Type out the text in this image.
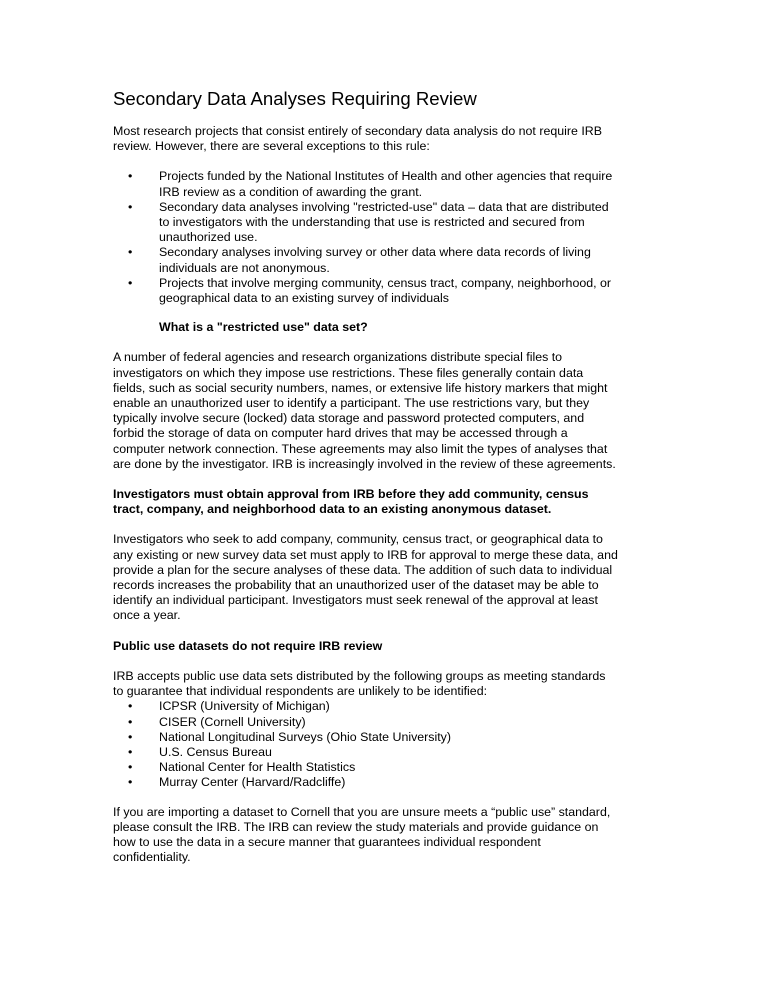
Secondary Data Analyses Requiring Review

Most research projects that consist entirely of secondary data analysis do not require IRB review. However, there are several exceptions to this rule:

• Projects funded by the National Institutes of Health and other agencies that require IRB review as a condition of awarding the grant.
• Secondary data analyses involving "restricted-use" data – data that are distributed to investigators with the understanding that use is restricted and secured from unauthorized use.
• Secondary analyses involving survey or other data where data records of living individuals are not anonymous.
• Projects that involve merging community, census tract, company, neighborhood, or geographical data to an existing survey of individuals

What is a "restricted use" data set?

A number of federal agencies and research organizations distribute special files to investigators on which they impose use restrictions. These files generally contain data fields, such as social security numbers, names, or extensive life history markers that might enable an unauthorized user to identify a participant. The use restrictions vary, but they typically involve secure (locked) data storage and password protected computers, and forbid the storage of data on computer hard drives that may be accessed through a computer network connection. These agreements may also limit the types of analyses that are done by the investigator. IRB is increasingly involved in the review of these agreements.

Investigators must obtain approval from IRB before they add community, census tract, company, and neighborhood data to an existing anonymous dataset.

Investigators who seek to add company, community, census tract, or geographical data to any existing or new survey data set must apply to IRB for approval to merge these data, and provide a plan for the secure analyses of these data. The addition of such data to individual records increases the probability that an unauthorized user of the dataset may be able to identify an individual participant. Investigators must seek renewal of the approval at least once a year.

Public use datasets do not require IRB review

IRB accepts public use data sets distributed by the following groups as meeting standards to guarantee that individual respondents are unlikely to be identified:

• ICPSR (University of Michigan)
• CISER (Cornell University)
• National Longitudinal Surveys (Ohio State University)
• U.S. Census Bureau
• National Center for Health Statistics
• Murray Center (Harvard/Radcliffe)

If you are importing a dataset to Cornell that you are unsure meets a “public use” standard, please consult the IRB. The IRB can review the study materials and provide guidance on how to use the data in a secure manner that guarantees individual respondent confidentiality.
